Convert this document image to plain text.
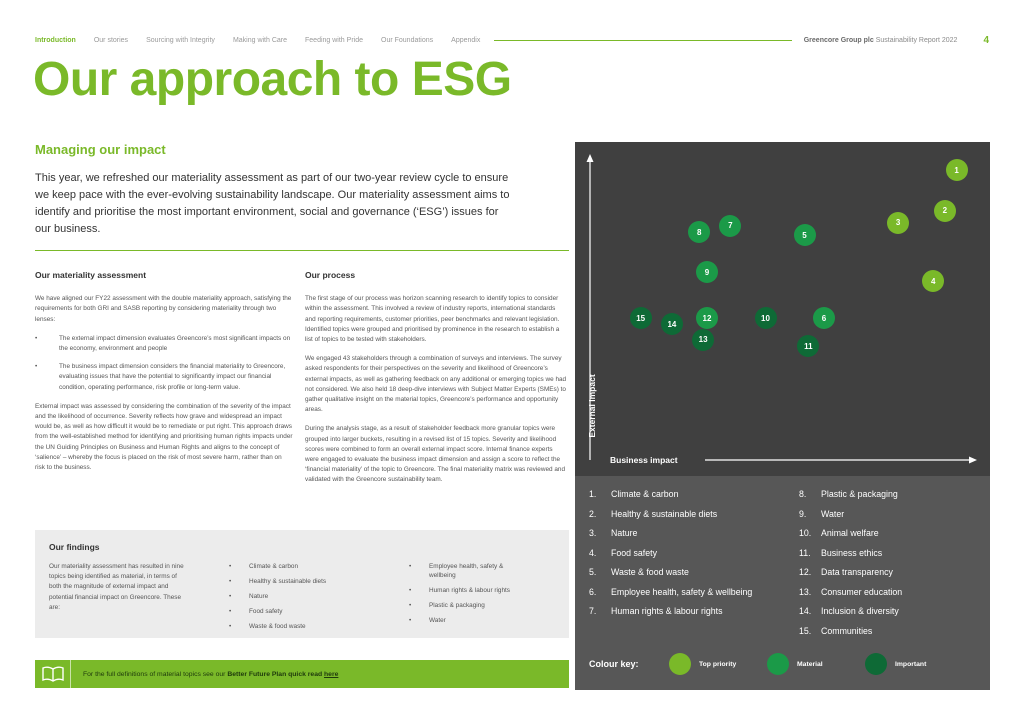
Introduction	Our stories	Sourcing with Integrity	Making with Care	Feeding with Pride	Our Foundations	Appendix	Greencore Group plc Sustainability Report 2022	4
Our approach to ESG
Managing our impact

This year, we refreshed our materiality assessment as part of our two-year review cycle to ensure we keep pace with the ever-evolving sustainability landscape. Our materiality assessment aims to identify and prioritise the most important environment, social and governance (‘ESG’) issues for our business.

Our materiality assessment

We have aligned our FY22 assessment with the double materiality approach, satisfying the requirements for both GRI and SASB reporting by considering materiality through two lenses:

• The external impact dimension evaluates Greencore’s most significant impacts on the economy, environment and people
• The business impact dimension considers the financial materiality to Greencore, evaluating issues that have the potential to significantly impact our financial condition, operating performance, risk profile or long-term value.

External impact was assessed by considering the combination of the severity of the impact and the likelihood of occurrence. Severity reflects how grave and widespread an impact would be, as well as how difficult it would be to remediate or put right. This approach draws from the well-established method for identifying and prioritising human rights impacts under the UN Guiding Principles on Business and Human Rights and aligns to the concept of ‘salience’ – whereby the focus is placed on the risk of most severe harm, rather than on risk to the business.

Our process

The first stage of our process was horizon scanning research to identify topics to consider within the assessment. This involved a review of industry reports, international standards and reporting requirements, customer priorities, peer benchmarks and relevant legislation. Identified topics were grouped and prioritised by prominence in the research to establish a list of topics to be tested with stakeholders.

We engaged 43 stakeholders through a combination of surveys and interviews. The survey asked respondents for their perspectives on the severity and likelihood of Greencore’s external impacts, as well as gathering feedback on any additional or emerging topics we had not considered. We also held 18 deep-dive interviews with Subject Matter Experts (SMEs) to gather qualitative insight on the material topics, Greencore’s performance and opportunity areas.

During the analysis stage, as a result of stakeholder feedback more granular topics were grouped into larger buckets, resulting in a revised list of 15 topics. Severity and likelihood scores were combined to form an overall external impact score. Internal finance experts were engaged to evaluate the business impact dimension and assign a score to reflect the ‘financial materiality’ of the topic to Greencore. The final materiality matrix was reviewed and validated with the Greencore sustainability team.

Our findings

Our materiality assessment has resulted in nine topics being identified as material, in terms of both the magnitude of external impact and potential financial impact on Greencore. These are:

• Climate & carbon
• Healthy & sustainable diets
• Nature
• Food safety
• Waste & food waste
• Employee health, safety & wellbeing
• Human rights & labour rights
• Plastic & packaging
• Water
For the full definitions of material topics see our Better Future Plan quick read here
1
2
3
4
5
6
7
8
9
10
11
12
13
14
15
Business impact
External impact
1.	Climate & carbon
2.	Healthy & sustainable diets
3.	Nature
4.	Food safety
5.	Waste & food waste
6.	Employee health, safety & wellbeing
7.	Human rights & labour rights
8.	Plastic & packaging
9.	Water
10.	Animal welfare
11.	Business ethics
12.	Data transparency
13.	Consumer education
14.	Inclusion & diversity
15.	Communities
Colour key:	Top priority	Material	Important
